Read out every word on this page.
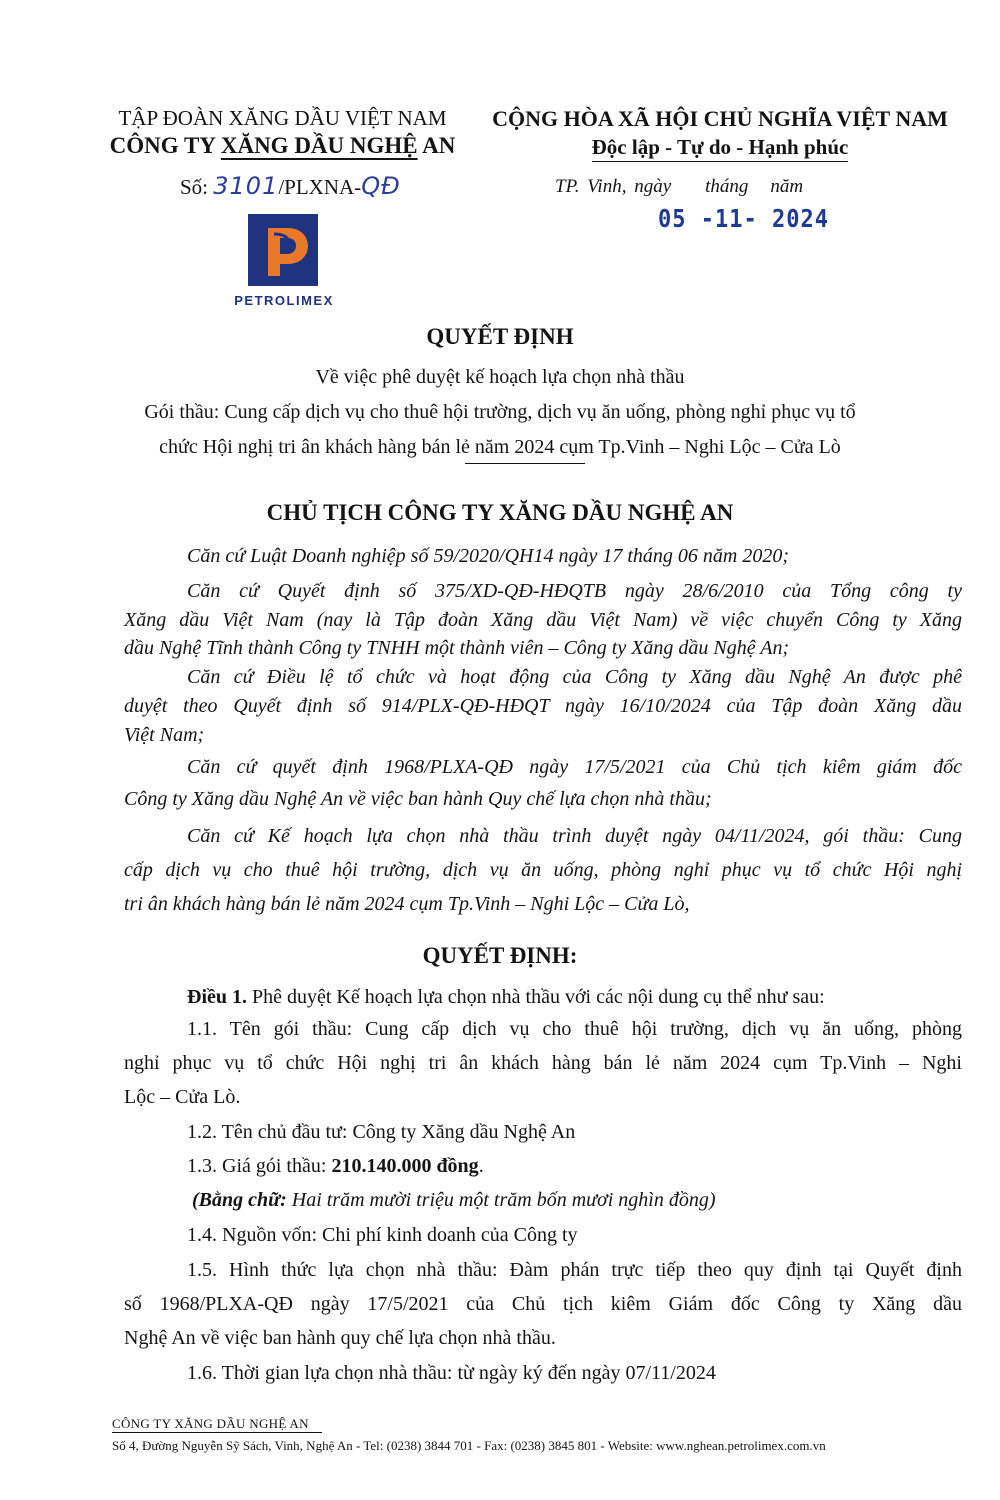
TẬP ĐOÀN XĂNG DẦU VIỆT NAM
CÔNG TY XĂNG DẦU NGHỆ AN
CỘNG HÒA XÃ HỘI CHỦ NGHĨA VIỆT NAM
Độc lập - Tự do - Hạnh phúc
Số: 3101/PLXNA-QĐ	TP. Vinh, ngày tháng năm
05 -11- 2024
PETROLIMEX
QUYẾT ĐỊNH
Về việc phê duyệt kế hoạch lựa chọn nhà thầu
Gói thầu: Cung cấp dịch vụ cho thuê hội trường, dịch vụ ăn uống, phòng nghỉ phục vụ tổ
chức Hội nghị tri ân khách hàng bán lẻ năm 2024 cụm Tp.Vinh – Nghi Lộc – Cửa Lò
CHỦ TỊCH CÔNG TY XĂNG DẦU NGHỆ AN
Căn cứ Luật Doanh nghiệp số 59/2020/QH14 ngày 17 tháng 06 năm 2020;
Căn cứ Quyết định số 375/XD-QĐ-HĐQTB ngày 28/6/2010 của Tổng công ty
Xăng dầu Việt Nam (nay là Tập đoàn Xăng dầu Việt Nam) về việc chuyển Công ty Xăng
dầu Nghệ Tĩnh thành Công ty TNHH một thành viên – Công ty Xăng dầu Nghệ An;
Căn cứ Điều lệ tổ chức và hoạt động của Công ty Xăng dầu Nghệ An được phê
duyệt theo Quyết định số 914/PLX-QĐ-HĐQT ngày 16/10/2024 của Tập đoàn Xăng dầu
Việt Nam;
Căn cứ quyết định 1968/PLXA-QĐ ngày 17/5/2021 của Chủ tịch kiêm giám đốc
Công ty Xăng dầu Nghệ An về việc ban hành Quy chế lựa chọn nhà thầu;
Căn cứ Kế hoạch lựa chọn nhà thầu trình duyệt ngày 04/11/2024, gói thầu: Cung
cấp dịch vụ cho thuê hội trường, dịch vụ ăn uống, phòng nghỉ phục vụ tổ chức Hội nghị
tri ân khách hàng bán lẻ năm 2024 cụm Tp.Vinh – Nghi Lộc – Cửa Lò,
QUYẾT ĐỊNH:
Điều 1. Phê duyệt Kế hoạch lựa chọn nhà thầu với các nội dung cụ thể như sau:
1.1. Tên gói thầu: Cung cấp dịch vụ cho thuê hội trường, dịch vụ ăn uống, phòng
nghỉ phục vụ tổ chức Hội nghị tri ân khách hàng bán lẻ năm 2024 cụm Tp.Vinh – Nghi
Lộc – Cửa Lò.
1.2. Tên chủ đầu tư: Công ty Xăng dầu Nghệ An
1.3. Giá gói thầu: 210.140.000 đồng.
(Bằng chữ: Hai trăm mười triệu một trăm bốn mươi nghìn đồng)
1.4. Nguồn vốn: Chi phí kinh doanh của Công ty
1.5. Hình thức lựa chọn nhà thầu: Đàm phán trực tiếp theo quy định tại Quyết định
số 1968/PLXA-QĐ ngày 17/5/2021 của Chủ tịch kiêm Giám đốc Công ty Xăng dầu
Nghệ An về việc ban hành quy chế lựa chọn nhà thầu.
1.6. Thời gian lựa chọn nhà thầu: từ ngày ký đến ngày 07/11/2024
CÔNG TY XĂNG DẦU NGHỆ AN
Số 4, Đường Nguyễn Sỹ Sách, Vinh, Nghệ An - Tel: (0238) 3844 701 - Fax: (0238) 3845 801 - Website: www.nghean.petrolimex.com.vn
